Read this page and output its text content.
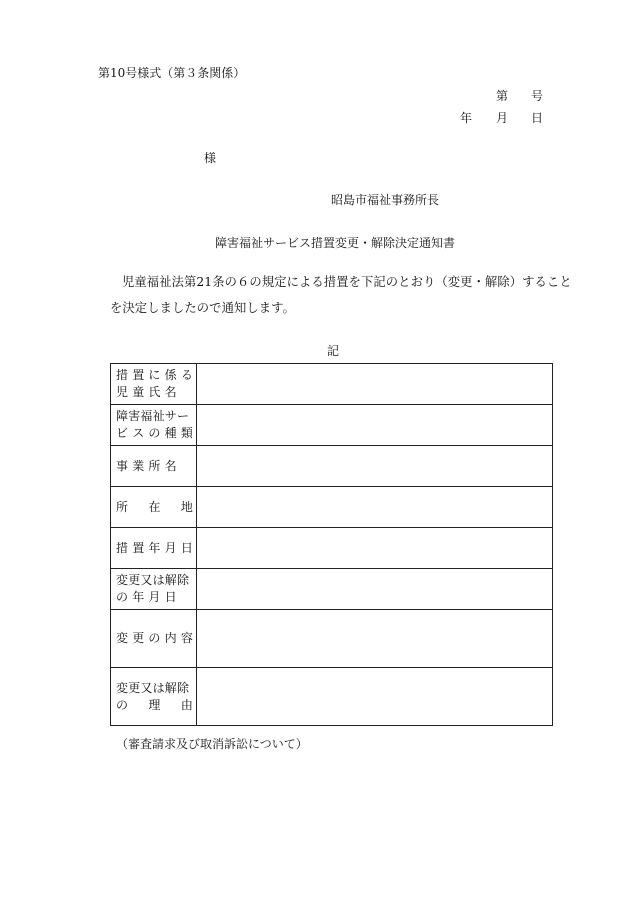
第10号様式（第３条関係）
第 号
年 月 日
様
昭島市福祉事務所長
障害福祉サービス措置変更・解除決定通知書
児童福祉法第21条の６の規定による措置を下記のとおり（変更・解除）することを決定しましたので通知します。
記
措 置 に 係 る
児 童 氏 名	

障害福祉サー
ビ ス の 種 類	

事 業 所 名	

所 　 在 　 地	

措 置 年 月 日	

変更又は解除
の 年 月 日	

変 更 の 内 容	

変更又は解除
の 　 理 　 由	

（審査請求及び取消訴訟について）
